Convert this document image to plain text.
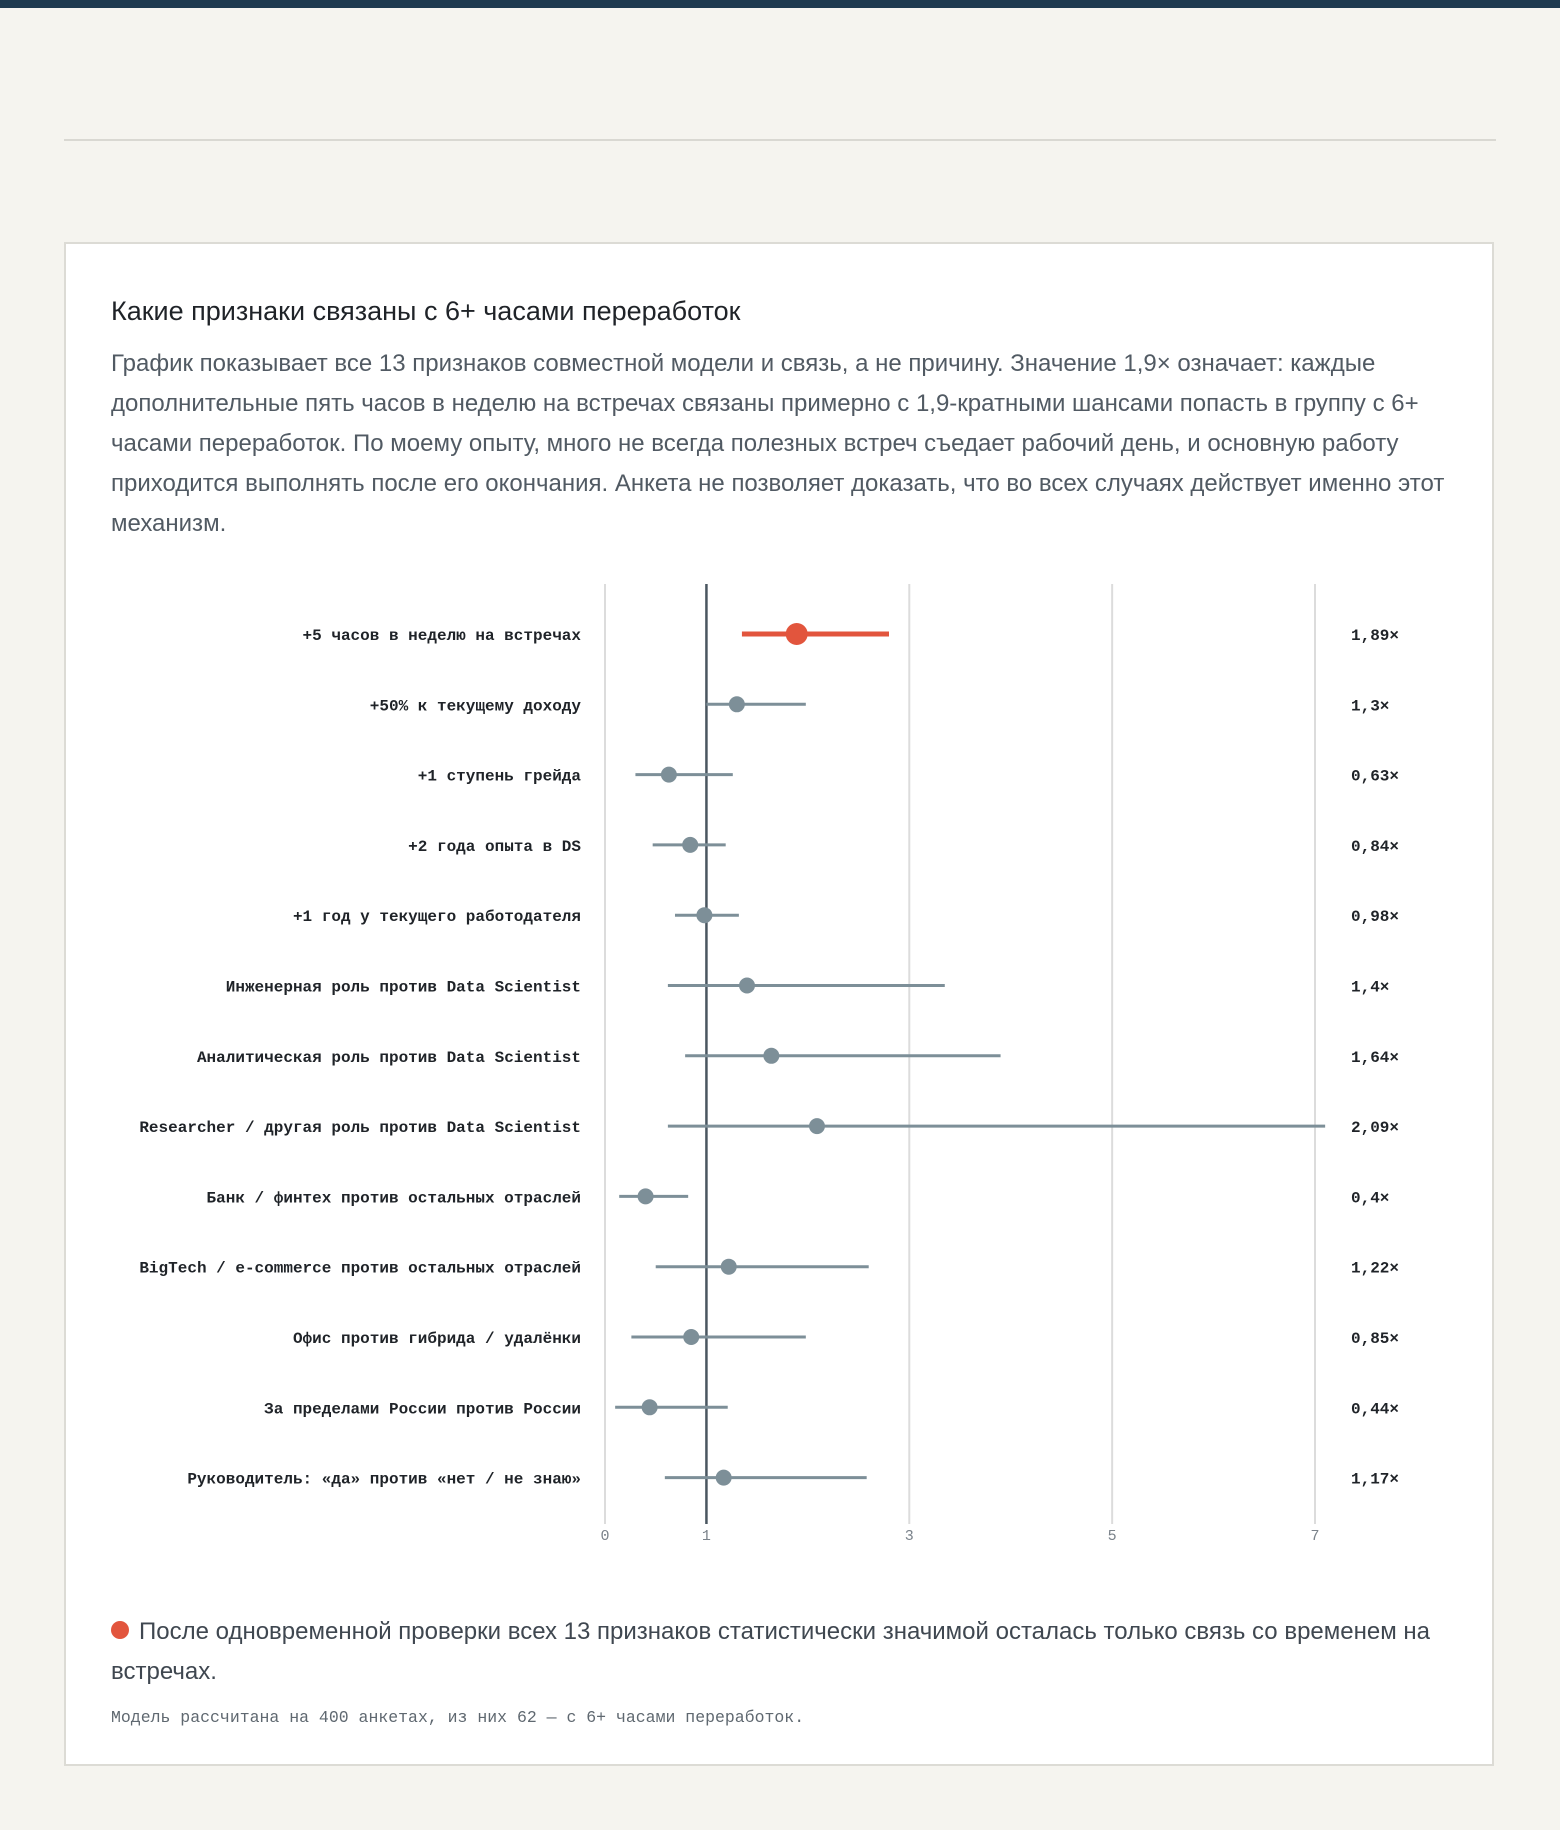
Какие признаки связаны с 6+ часами переработок

График показывает все 13 признаков совместной модели и связь, а не причину. Значение 1,9× означает: каждые дополнительные пять часов в неделю на встречах связаны примерно с 1,9-кратными шансами попасть в группу с 6+ часами переработок. По моему опыту, много не всегда полезных встреч съедает рабочий день, и основную работу приходится выполнять после его окончания. Анкета не позволяет доказать, что во всех случаях действует именно этот механизм.

0	1	3	5	7
+5 часов в неделю на встречах	1,89×
+50% к текущему доходу	1,3×
+1 ступень грейда	0,63×
+2 года опыта в DS	0,84×
+1 год у текущего работодателя	0,98×
Инженерная роль против Data Scientist	1,4×
Аналитическая роль против Data Scientist	1,64×
Researcher / другая роль против Data Scientist	2,09×
Банк / финтех против остальных отраслей	0,4×
BigTech / e-commerce против остальных отраслей	1,22×
Офис против гибрида / удалёнки	0,85×
За пределами России против России	0,44×
Руководитель: «да» против «нет / не знаю»	1,17×

После одновременной проверки всех 13 признаков статистически значимой осталась только связь со временем на встречах.

Модель рассчитана на 400 анкетах, из них 62 — с 6+ часами переработок.
